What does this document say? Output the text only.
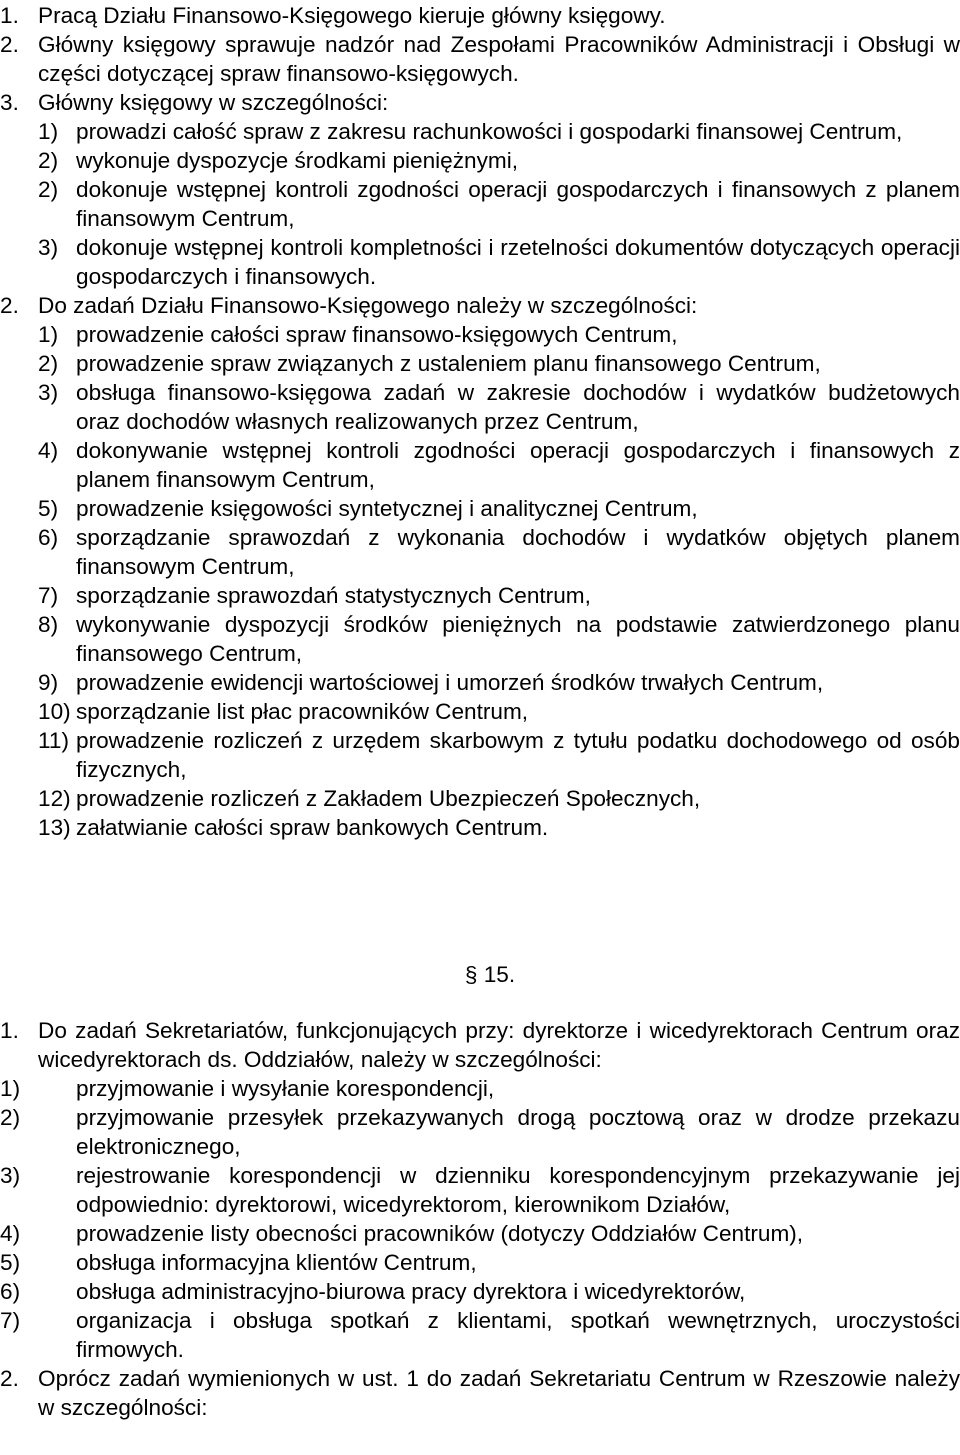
1. Pracą Działu Finansowo-Księgowego kieruje główny księgowy.
2. Główny księgowy sprawuje nadzór nad Zespołami Pracowników Administracji i Obsługi w części dotyczącej spraw finansowo-księgowych.
3. Główny księgowy w szczególności:
1) prowadzi całość spraw z zakresu rachunkowości i gospodarki finansowej Centrum,
2) wykonuje dyspozycje środkami pieniężnymi,
2) dokonuje wstępnej kontroli zgodności operacji gospodarczych i finansowych z planem finansowym Centrum,
3) dokonuje wstępnej kontroli kompletności i rzetelności dokumentów dotyczących operacji gospodarczych i finansowych.
2. Do zadań Działu Finansowo-Księgowego należy w szczególności:
1) prowadzenie całości spraw finansowo-księgowych Centrum,
2) prowadzenie spraw związanych z ustaleniem planu finansowego Centrum,
3) obsługa finansowo-księgowa zadań w zakresie dochodów i wydatków budżetowych oraz dochodów własnych realizowanych przez Centrum,
4) dokonywanie wstępnej kontroli zgodności operacji gospodarczych i finansowych z planem finansowym Centrum,
5) prowadzenie księgowości syntetycznej i analitycznej Centrum,
6) sporządzanie sprawozdań z wykonania dochodów i wydatków objętych planem finansowym Centrum,
7) sporządzanie sprawozdań statystycznych Centrum,
8) wykonywanie dyspozycji środków pieniężnych na podstawie zatwierdzonego planu finansowego Centrum,
9) prowadzenie ewidencji wartościowej i umorzeń środków trwałych Centrum,
10) sporządzanie list płac pracowników Centrum,
11) prowadzenie rozliczeń z urzędem skarbowym z tytułu podatku dochodowego od osób fizycznych,
12) prowadzenie rozliczeń z Zakładem Ubezpieczeń Społecznych,
13) załatwianie całości spraw bankowych Centrum.
§ 15.
1. Do zadań Sekretariatów, funkcjonujących przy: dyrektorze i wicedyrektorach Centrum oraz wicedyrektorach ds. Oddziałów, należy w szczególności:
1)	przyjmowanie i wysyłanie korespondencji,
2)	przyjmowanie przesyłek przekazywanych drogą pocztową oraz w drodze przekazu elektronicznego,
3)	rejestrowanie korespondencji w dzienniku korespondencyjnym przekazywanie jej odpowiednio: dyrektorowi, wicedyrektorom, kierownikom Działów,
4)	prowadzenie listy obecności pracowników (dotyczy Oddziałów Centrum),
5)	obsługa informacyjna klientów Centrum,
6)	obsługa administracyjno-biurowa pracy dyrektora i wicedyrektorów,
7)	organizacja i obsługa spotkań z klientami, spotkań wewnętrznych, uroczystości firmowych.
2. Oprócz zadań wymienionych w ust. 1 do zadań Sekretariatu Centrum w Rzeszowie należy w szczególności:
